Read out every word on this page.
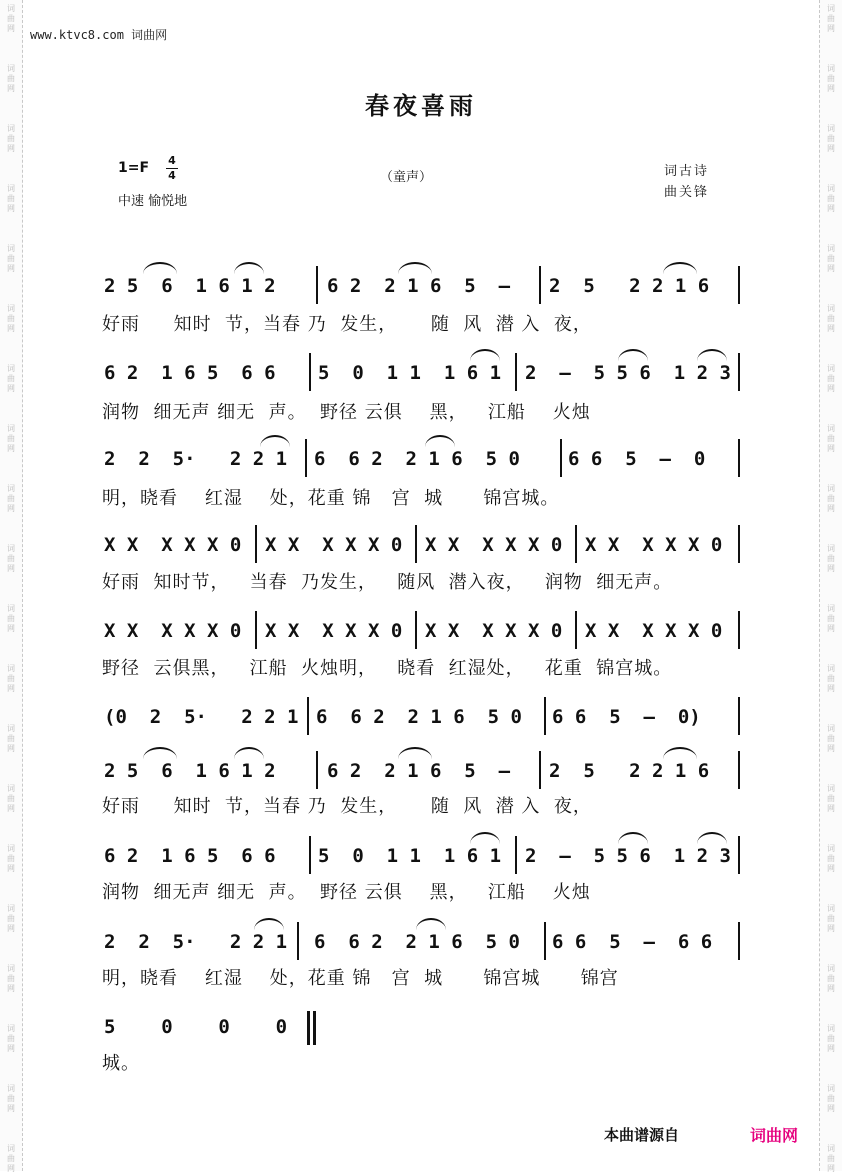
词
曲
网
词
曲
网
词
曲
网
词
曲
网
词
曲
网
词
曲
网
词
曲
网
词
曲
网
词
曲
网
词
曲
网
词
曲
网
词
曲
网
词
曲
网
词
曲
网
词
曲
网
词
曲
网
词
曲
网
词
曲
网
词
曲
网
词
曲
网
词
曲
网
词
曲
网
词
曲
网
词
曲
网
词
曲
网
词
曲
网
词
曲
网
词
曲
网
词
曲
网
词
曲
网
词
曲
网
词
曲
网
词
曲
网
词
曲
网
词
曲
网
词
曲
网
词
曲
网
词
曲
网
词
曲
网
词
曲
网
www.ktvc8.com 词曲网
春夜喜雨
1=F 4
4
中速 愉悦地
（童声）	词古诗
曲关锋

2 5  6  1 6 1 2

	6 2  2 1 6  5  –

2  5   2 2 1 6

好雨     知时  节，当春 乃  发生，     随  风  潜 入  夜，

6 2  1 6 5  6 6

5  0  1 1  1 6 1

2  –  5 5 6  1 2 3

润物  细无声 细无  声。  野径 云俱    黑，   江船    火烛

2  2  5·   2 2 1

6  6 2  2 1 6  5 0

	6 6  5  –  0

明，晓看    红湿    处，花重 锦   宫  城      锦宫城。

X X  X X X 0

X X  X X X 0

X X  X X X 0

X X  X X X 0

好雨  知时节，   当春  乃发生，   随风  潜入夜，   润物  细无声。

X X  X X X 0

X X  X X X 0

X X  X X X 0

X X  X X X 0

野径  云俱黑，   江船  火烛明，   晓看  红湿处，   花重  锦宫城。

(0  2  5·   2 2 1

6  6 2  2 1 6  5 0

6 6  5  –  0)

2 5  6  1 6 1 2

	6 2  2 1 6  5  –

2  5   2 2 1 6

好雨     知时  节，当春 乃  发生，     随  风  潜 入  夜，

6 2  1 6 5  6 6

5  0  1 1  1 6 1

2  –  5 5 6  1 2 3

润物  细无声 细无  声。  野径 云俱    黑，   江船    火烛

2  2  5·   2 2 1

6  6 2  2 1 6  5 0

6 6  5  –  6 6

明，晓看    红湿    处，花重 锦   宫  城      锦宫城      锦宫

5    0    0    0

城。
本曲谱源自	词曲网
